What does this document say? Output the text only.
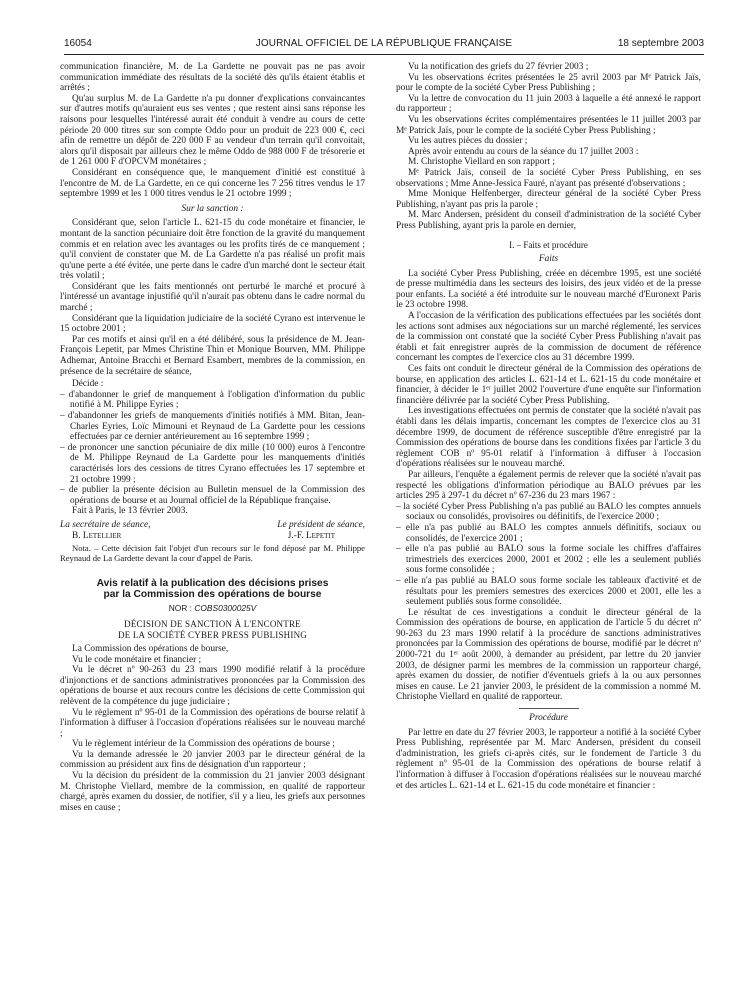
16054	JOURNAL OFFICIEL DE LA RÉPUBLIQUE FRANÇAISE	18 septembre 2003

communication financière, M. de La Gardette ne pouvait pas ne pas avoir communication immédiate des résultats de la société dès qu'ils étaient établis et arrêtés ;

Qu'au surplus M. de La Gardette n'a pu donner d'explications convaincantes sur d'autres motifs qu'auraient eus ses ventes ; que restent ainsi sans réponse les raisons pour lesquelles l'intéressé aurait été conduit à vendre au cours de cette période 20 000 titres sur son compte Oddo pour un produit de 223 000 €, ceci afin de remettre un dépôt de 220 000 F au vendeur d'un terrain qu'il convoitait, alors qu'il disposait par ailleurs chez le même Oddo de 988 000 F de trésorerie et de 1 261 000 F d'OPCVM monétaires ;

Considérant en conséquence que, le manquement d'initié est constitué à l'encontre de M. de La Gardette, en ce qui concerne les 7 256 titres vendus le 17 septembre 1999 et les 1 000 titres vendus le 21 octobre 1999 ;

Sur la sanction :

Considérant que, selon l'article L. 621-15 du code monétaire et financier, le montant de la sanction pécuniaire doit être fonction de la gravité du manquement commis et en relation avec les avantages ou les profits tirés de ce manquement ; qu'il convient de constater que M. de La Gardette n'a pas réalisé un profit mais qu'une perte a été évitée, une perte dans le cadre d'un marché dont le secteur était très volatil ;

Considérant que les faits mentionnés ont perturbé le marché et procuré à l'intéressé un avantage injustifié qu'il n'aurait pas obtenu dans le cadre normal du marché ;

Considérant que la liquidation judiciaire de la société Cyrano est intervenue le 15 octobre 2001 ;

Par ces motifs et ainsi qu'il en a été délibéré, sous la présidence de M. Jean-François Lepetit, par Mmes Christine Thin et Monique Bourven, MM. Philippe Adhemar, Antoine Bracchi et Bernard Esambert, membres de la commission, en présence de la secrétaire de séance,

Décide :

– d'abandonner le grief de manquement à l'obligation d'information du public notifié à M. Philippe Eyries ;
– d'abandonner les griefs de manquements d'initiés notifiés à MM. Bitan, Jean-Charles Eyries, Loïc Mimouni et Reynaud de La Gardette pour les cessions effectuées par ce dernier antérieurement au 16 septembre 1999 ;
– de prononcer une sanction pécuniaire de dix mille (10 000) euros à l'encontre de M. Philippe Reynaud de La Gardette pour les manquements d'initiés caractérisés lors des cessions de titres Cyrano effectuées les 17 septembre et 21 octobre 1999 ;
– de publier la présente décision au Bulletin mensuel de la Commission des opérations de bourse et au Journal officiel de la République française.

Fait à Paris, le 13 février 2003.

La secrétaire de séance,	Le président de séance,
B. Letellier	J.-F. Lepetit

Nota. – Cette décision fait l'objet d'un recours sur le fond déposé par M. Philippe Reynaud de La Gardette devant la cour d'appel de Paris.

Avis relatif à la publication des décisions prises
par la Commission des opérations de bourse

NOR : COBS0300025V

DÉCISION DE SANCTION À L'ENCONTRE
DE LA SOCIÉTÉ CYBER PRESS PUBLISHING

La Commission des opérations de bourse,

Vu le code monétaire et financier ;

Vu le décret nº 90-263 du 23 mars 1990 modifié relatif à la procédure d'injonctions et de sanctions administratives prononcées par la Commission des opérations de bourse et aux recours contre les décisions de cette Commission qui relèvent de la compétence du juge judiciaire ;

Vu le règlement nº 95-01 de la Commission des opérations de bourse relatif à l'information à diffuser à l'occasion d'opérations réalisées sur le nouveau marché ;

Vu le règlement intérieur de la Commission des opérations de bourse ;

Vu la demande adressée le 20 janvier 2003 par le directeur général de la commission au président aux fins de désignation d'un rapporteur ;

Vu la décision du président de la commission du 21 janvier 2003 désignant M. Christophe Viellard, membre de la commission, en qualité de rapporteur chargé, après examen du dossier, de notifier, s'il y a lieu, les griefs aux personnes mises en cause ;

Vu la notification des griefs du 27 février 2003 ;

Vu les observations écrites présentées le 25 avril 2003 par Mᵉ Patrick Jaïs, pour le compte de la société Cyber Press Publishing ;

Vu la lettre de convocation du 11 juin 2003 à laquelle a été annexé le rapport du rapporteur ;

Vu les observations écrites complémentaires présentées le 11 juillet 2003 par Mᵉ Patrick Jaïs, pour le compte de la société Cyber Press Publishing ;

Vu les autres pièces du dossier ;

Après avoir entendu au cours de la séance du 17 juillet 2003 :

M. Christophe Viellard en son rapport ;

Mᵉ Patrick Jaïs, conseil de la société Cyber Press Publishing, en ses observations ; Mme Anne-Jessica Fauré, n'ayant pas présenté d'observations ;

Mme Monique Helfenberger, directeur général de la société Cyber Press Publishing, n'ayant pas pris la parole ;

M. Marc Andersen, président du conseil d'administration de la société Cyber Press Publishing, ayant pris la parole en dernier,

I. – Faits et procédure

Faits

La société Cyber Press Publishing, créée en décembre 1995, est une société de presse multimédia dans les secteurs des loisirs, des jeux vidéo et de la presse pour enfants. La société a été introduite sur le nouveau marché d'Euronext Paris le 23 octobre 1998.

A l'occasion de la vérification des publications effectuées par les sociétés dont les actions sont admises aux négociations sur un marché réglementé, les services de la commission ont constaté que la société Cyber Press Publishing n'avait pas établi et fait enregistrer auprès de la commission de document de référence concernant les comptes de l'exercice clos au 31 décembre 1999.

Ces faits ont conduit le directeur général de la Commission des opérations de bourse, en application des articles L. 621-14 et L. 621-15 du code monétaire et financier, à décider le 1ᵉʳ juillet 2002 l'ouverture d'une enquête sur l'information financière délivrée par la société Cyber Press Publishing.

Les investigations effectuées ont permis de constater que la société n'avait pas établi dans les délais impartis, concernant les comptes de l'exercice clos au 31 décembre 1999, de document de référence susceptible d'être enregistré par la Commission des opérations de bourse dans les conditions fixées par l'article 3 du règlement COB nº 95-01 relatif à l'information à diffuser à l'occasion d'opérations réalisées sur le nouveau marché.

Par ailleurs, l'enquête a également permis de relever que la société n'avait pas respecté les obligations d'information périodique au BALO prévues par les articles 295 à 297-1 du décret nº 67-236 du 23 mars 1967 :

– la société Cyber Press Publishing n'a pas publié au BALO les comptes annuels sociaux ou consolidés, provisoires ou définitifs, de l'exercice 2000 ;
– elle n'a pas publié au BALO les comptes annuels définitifs, sociaux ou consolidés, de l'exercice 2001 ;
– elle n'a pas publié au BALO sous la forme sociale les chiffres d'affaires trimestriels des exercices 2000, 2001 et 2002 ; elle les a seulement publiés sous forme consolidée ;
– elle n'a pas publié au BALO sous forme sociale les tableaux d'activité et de résultats pour les premiers semestres des exercices 2000 et 2001, elle les a seulement publiés sous forme consolidée.

Le résultat de ces investigations a conduit le directeur général de la Commission des opérations de bourse, en application de l'article 5 du décret nº 90-263 du 23 mars 1990 relatif à la procédure de sanctions administratives prononcées par la Commission des opérations de bourse, modifié par le décret nº 2000-721 du 1ᵉʳ août 2000, à demander au président, par lettre du 20 janvier 2003, de désigner parmi les membres de la commission un rapporteur chargé, après examen du dossier, de notifier d'éventuels griefs à la ou aux personnes mises en cause. Le 21 janvier 2003, le président de la commission a nommé M. Christophe Viellard en qualité de rapporteur.

Procédure

Par lettre en date du 27 février 2003, le rapporteur a notifié à la société Cyber Press Publishing, représentée par M. Marc Andersen, président du conseil d'administration, les griefs ci-après cités, sur le fondement de l'article 3 du règlement nº 95-01 de la Commission des opérations de bourse relatif à l'information à diffuser à l'occasion d'opérations réalisées sur le nouveau marché et des articles L. 621-14 et L. 621-15 du code monétaire et financier :
